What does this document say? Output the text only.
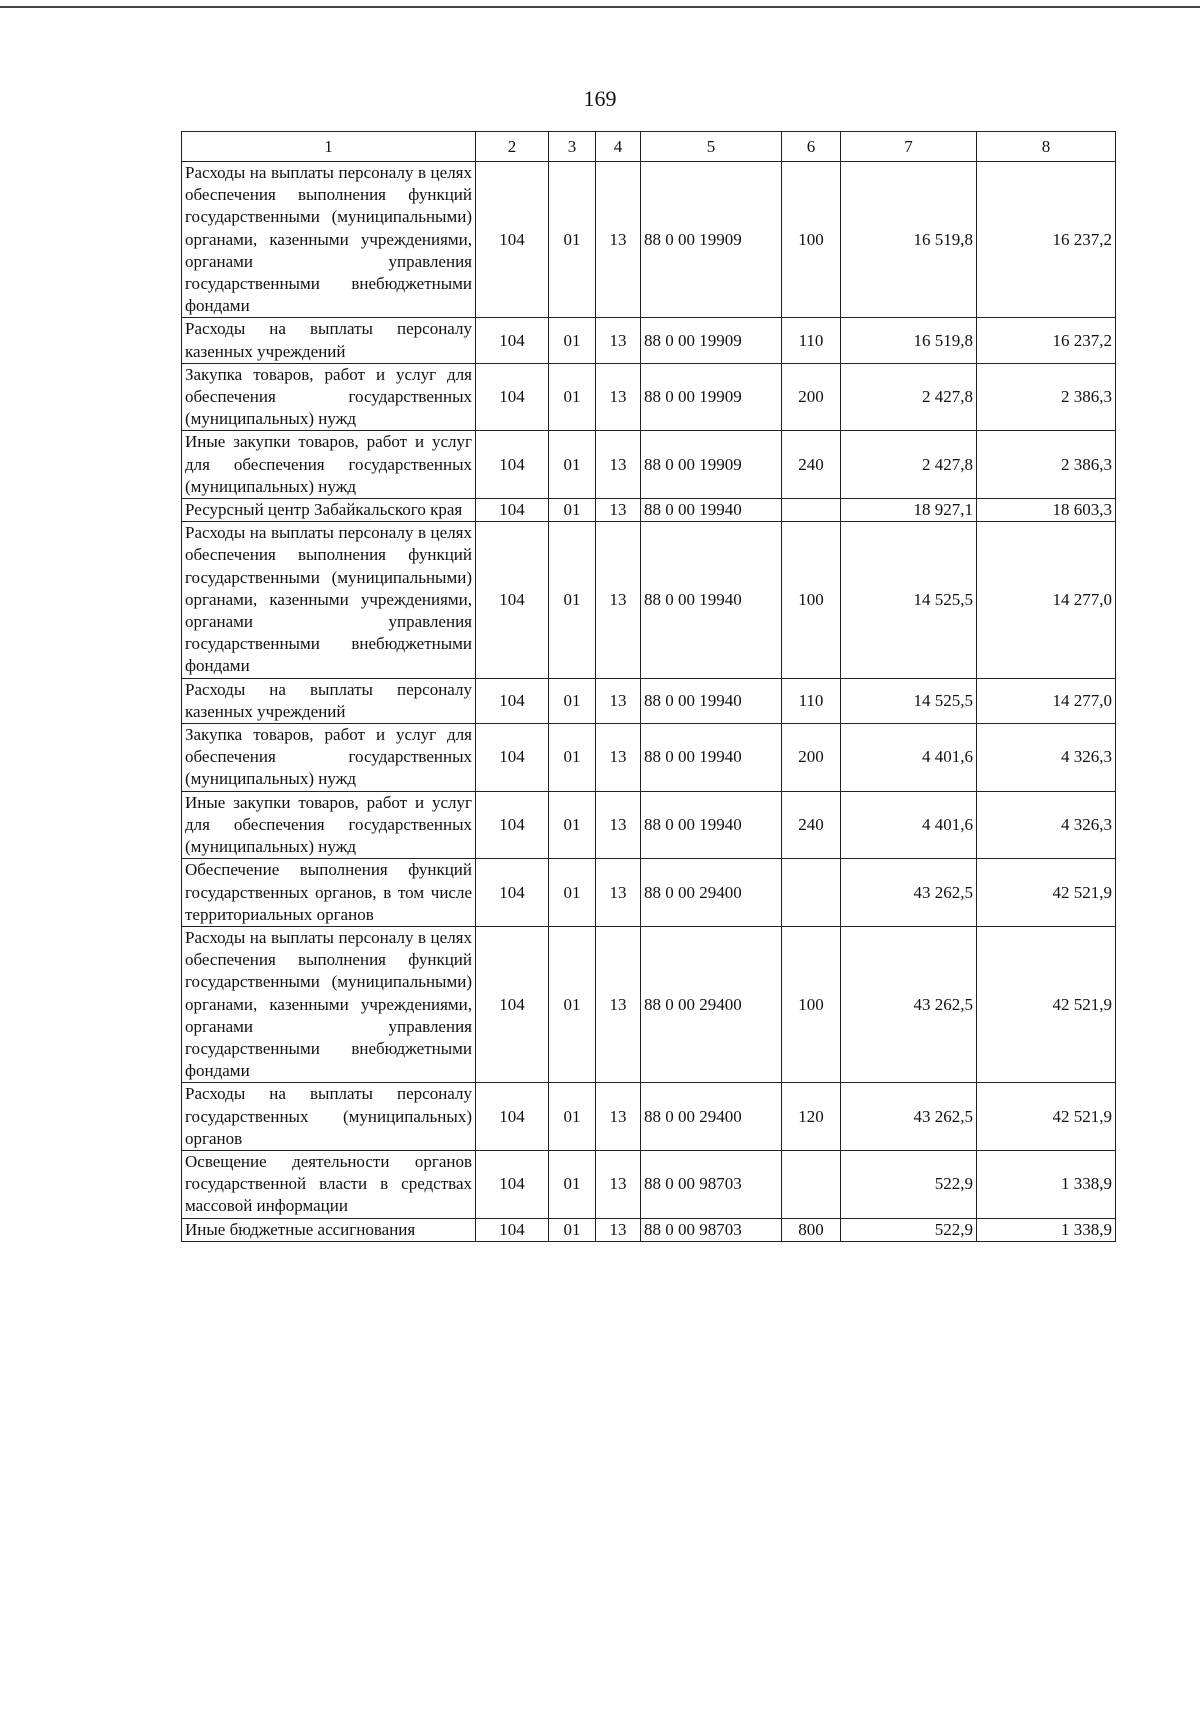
169
1	2	3	4	5	6	7	8
Расходы на выплаты персоналу в целях обеспечения выполнения функций государственными (муниципальными) органами, казенными учреждениями, органами управления государственными внебюджетными фондами	104	01	13	88 0 00 19909	100	16 519,8	16 237,2
Расходы на выплаты персоналу казенных учреждений	104	01	13	88 0 00 19909	110	16 519,8	16 237,2
Закупка товаров, работ и услуг для обеспечения государственных (муниципальных) нужд	104	01	13	88 0 00 19909	200	2 427,8	2 386,3
Иные закупки товаров, работ и услуг для обеспечения государственных (муниципальных) нужд	104	01	13	88 0 00 19909	240	2 427,8	2 386,3
Ресурсный центр Забайкальского края	104	01	13	88 0 00 19940		18 927,1	18 603,3
Расходы на выплаты персоналу в целях обеспечения выполнения функций государственными (муниципальными) органами, казенными учреждениями, органами управления государственными внебюджетными фондами	104	01	13	88 0 00 19940	100	14 525,5	14 277,0
Расходы на выплаты персоналу казенных учреждений	104	01	13	88 0 00 19940	110	14 525,5	14 277,0
Закупка товаров, работ и услуг для обеспечения государственных (муниципальных) нужд	104	01	13	88 0 00 19940	200	4 401,6	4 326,3
Иные закупки товаров, работ и услуг для обеспечения государственных (муниципальных) нужд	104	01	13	88 0 00 19940	240	4 401,6	4 326,3
Обеспечение выполнения функций государственных органов, в том числе территориальных органов	104	01	13	88 0 00 29400		43 262,5	42 521,9
Расходы на выплаты персоналу в целях обеспечения выполнения функций государственными (муниципальными) органами, казенными учреждениями, органами управления государственными внебюджетными фондами	104	01	13	88 0 00 29400	100	43 262,5	42 521,9
Расходы на выплаты персоналу государственных (муниципальных) органов	104	01	13	88 0 00 29400	120	43 262,5	42 521,9
Освещение деятельности органов государственной власти в средствах массовой информации	104	01	13	88 0 00 98703		522,9	1 338,9
Иные бюджетные ассигнования	104	01	13	88 0 00 98703	800	522,9	1 338,9
